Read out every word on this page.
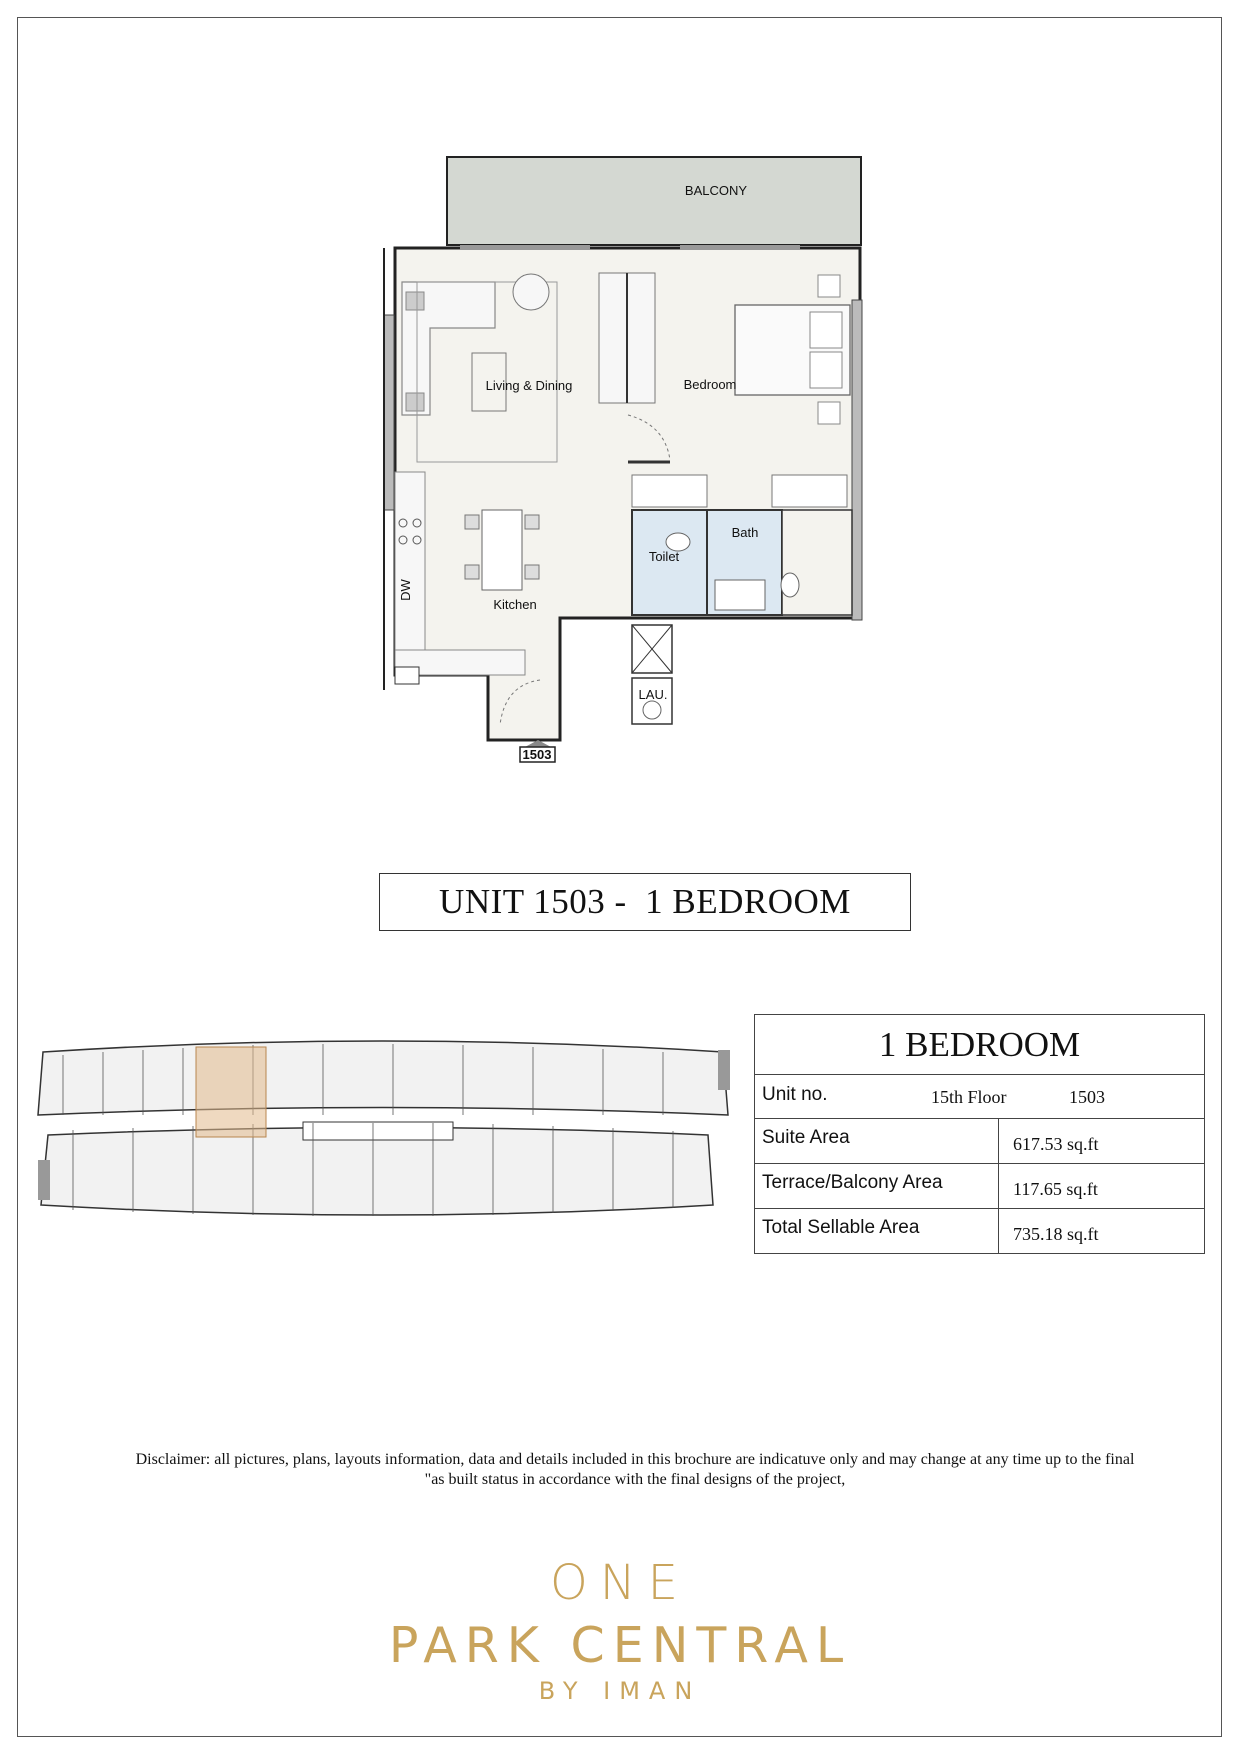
1503
BALCONY
Living & Dining	Bedroom
Bath
Toilet
Kitchen
LAU.
DW
UNIT 1503 -  1 BEDROOM
1 BEDROOM
Unit no.	15th Floor	1503
Suite Area	617.53 sq.ft
Terrace/Balcony Area	117.65 sq.ft
Total Sellable Area	735.18 sq.ft
Disclaimer: all pictures, plans, layouts information, data and details included in this brochure are indicatuve only and may change at any time up to the final
"as built status in accordance with the final designs of the project,
ONE
PARK CENTRAL
BY IMAN
